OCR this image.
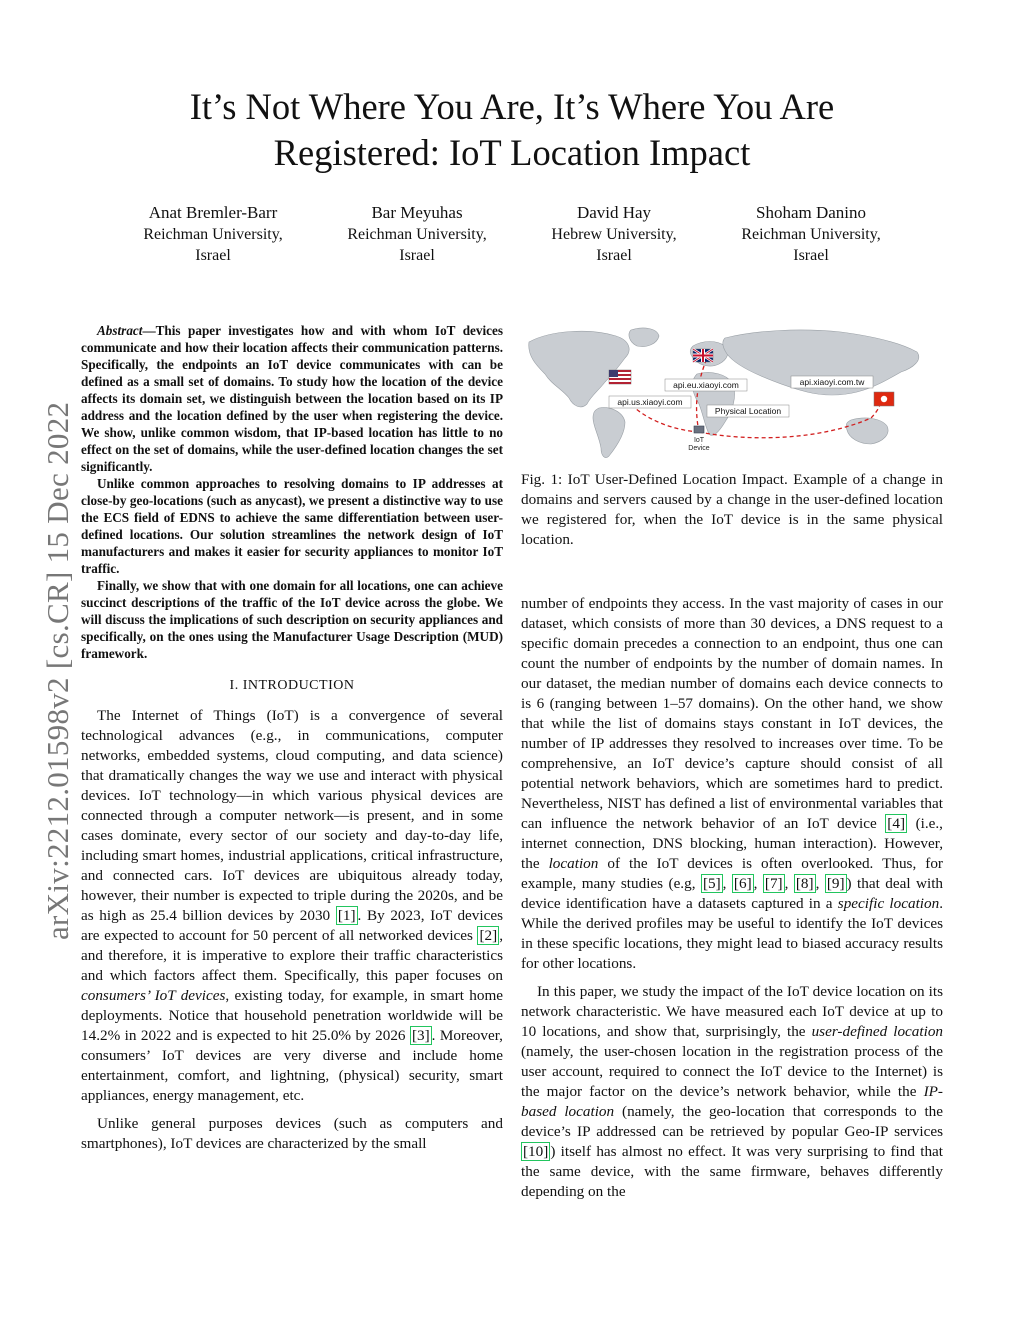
It’s Not Where You Are, It’s Where You Are
Registered: IoT Location Impact
Anat Bremler-Barr
Reichman University,
Israel
Bar Meyuhas
Reichman University,
Israel
David Hay
Hebrew University,
Israel
Shoham Danino
Reichman University,
Israel
arXiv:2212.01598v2 [cs.CR] 15 Dec 2022

Abstract—This paper investigates how and with whom IoT devices communicate and how their location affects their communication patterns. Specifically, the endpoints an IoT device communicates with can be defined as a small set of domains. To study how the location of the device affects its domain set, we distinguish between the location based on its IP address and the location defined by the user when registering the device. We show, unlike common wisdom, that IP-based location has little to no effect on the set of domains, while the user-defined location changes the set significantly.

Unlike common approaches to resolving domains to IP addresses at close-by geo-locations (such as anycast), we present a distinctive way to use the ECS field of EDNS to achieve the same differentiation between user-defined locations. Our solution streamlines the network design of IoT manufacturers and makes it easier for security appliances to monitor IoT traffic.

Finally, we show that with one domain for all locations, one can achieve succinct descriptions of the traffic of the IoT device across the globe. We will discuss the implications of such description on security appliances and specifically, on the ones using the Manufacturer Usage Description (MUD) framework.

I. INTRODUCTION

The Internet of Things (IoT) is a convergence of several technological advances (e.g., in communications, computer networks, embedded systems, cloud computing, and data science) that dramatically changes the way we use and interact with physical devices. IoT technology—in which various physical devices are connected through a computer network—is present, and in some cases dominate, every sector of our society and day-to-day life, including smart homes, industrial applications, critical infrastructure, and connected cars. IoT devices are ubiquitous already today, however, their number is expected to triple during the 2020s, and be as high as 25.4 billion devices by 2030 [1] . By 2023, IoT devices are expected to account for 50 percent of all networked devices [2] , and therefore, it is imperative to explore their traffic characteristics and which factors affect them. Specifically, this paper focuses on consumers’ IoT devices, existing today, for example, in smart home deployments. Notice that household penetration worldwide will be 14.2% in 2022 and is expected to hit 25.0% by 2026 [3] . Moreover, consumers’ IoT devices are very diverse and include home entertainment, comfort, and lightning, (physical) security, smart appliances, energy management, etc.

Unlike general purposes devices (such as computers and smartphones), IoT devices are characterized by the small

IoT
Device
api.eu.xiaoyi.com	api.xiaoyi.com.tw
api.us.xiaoyi.com
Physical Location

Fig. 1: IoT User-Defined Location Impact. Example of a change in domains and servers caused by a change in the user-defined location we registered for, when the IoT device is in the same physical location.

number of endpoints they access. In the vast majority of cases in our dataset, which consists of more than 30 devices, a DNS request to a specific domain precedes a connection to an endpoint, thus one can count the number of endpoints by the number of domain names. In our dataset, the median number of domains each device connects to is 6 (ranging between 1–57 domains). On the other hand, we show that while the list of domains stays constant in IoT devices, the number of IP addresses they resolved to increases over time. To be comprehensive, an IoT device’s capture should consist of all potential network behaviors, which are sometimes hard to predict. Nevertheless, NIST has defined a list of environmental variables that can influence the network behavior of an IoT device [4] (i.e., internet connection, DNS blocking, human interaction). However, the location of the IoT devices is often overlooked. Thus, for example, many studies (e.g, [5] , [6] , [7] , [8] , [9] ) that deal with device identification have a datasets captured in a specific location. While the derived profiles may be useful to identify the IoT devices in these specific locations, they might lead to biased accuracy results for other locations.

In this paper, we study the impact of the IoT device location on its network characteristic. We have measured each IoT device at up to 10 locations, and show that, surprisingly, the user-defined location (namely, the user-chosen location in the registration process of the user account, required to connect the IoT device to the Internet) is the major factor on the device’s network behavior, while the IP-based location (namely, the geo-location that corresponds to the device’s IP addressed can be retrieved by popular Geo-IP services [10] ) itself has almost no effect. It was very surprising to find that the same device, with the same firmware, behaves differently depending on the
